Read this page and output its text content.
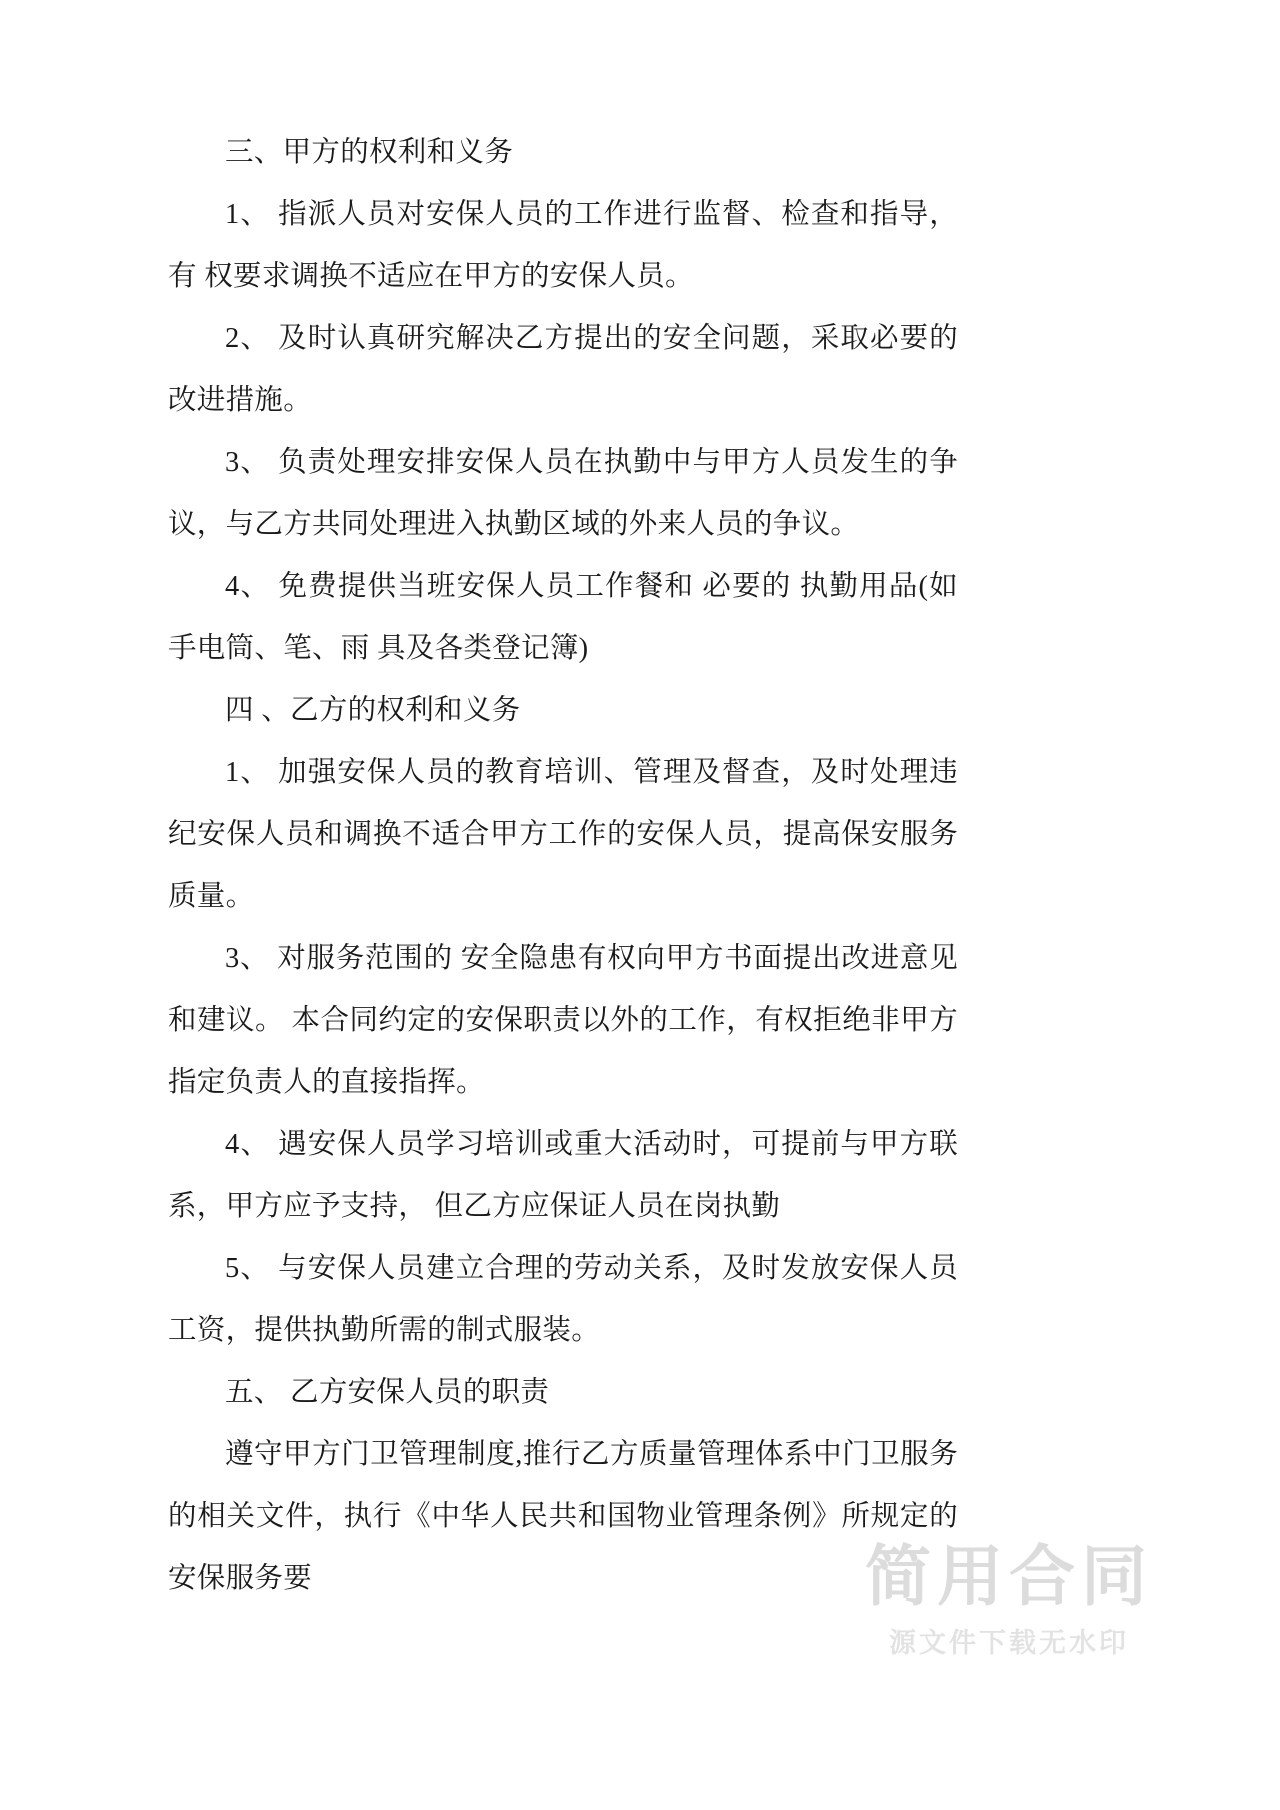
三、甲方的权利和义务

1、 指派人员对安保人员的工作进行监督、检查和指导，有 权要求调换不适应在甲方的安保人员。

2、 及时认真研究解决乙方提出的安全问题，采取必要的改进措施。

3、 负责处理安排安保人员在执勤中与甲方人员发生的争议，与乙方共同处理进入执勤区域的外来人员的争议。

4、 免费提供当班安保人员工作餐和 必要的 执勤用品(如手电筒、笔、雨 具及各类登记簿)

四 、乙方的权利和义务

1、 加强安保人员的教育培训、管理及督查，及时处理违纪安保人员和调换不适合甲方工作的安保人员，提高保安服务质量。

3、 对服务范围的 安全隐患有权向甲方书面提出改进意见和建议。 本合同约定的安保职责以外的工作，有权拒绝非甲方指定负责人的直接指挥。

4、 遇安保人员学习培训或重大活动时，可提前与甲方联系，甲方应予支持， 但乙方应保证人员在岗执勤

5、 与安保人员建立合理的劳动关系，及时发放安保人员工资，提供执勤所需的制式服装。

五、 乙方安保人员的职责

遵守甲方门卫管理制度,推行乙方质量管理体系中门卫服务的相关文件，执行《中华人民共和国物业管理条例》所规定的安保服务要	简用合同
源文件下载无水印
